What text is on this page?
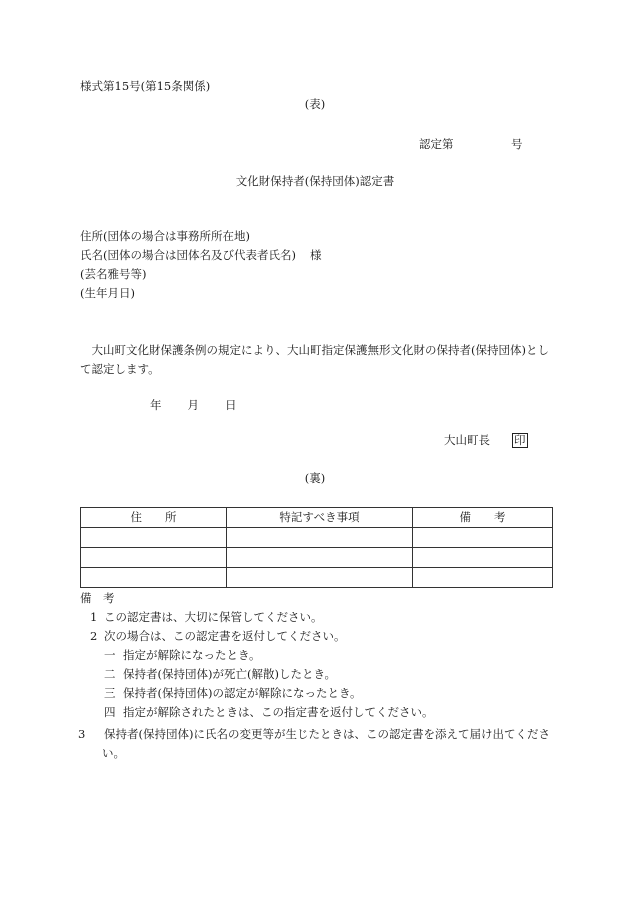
様式第15号(第15条関係)
(表)
認定第	号
文化財保持者(保持団体)認定書
住所(団体の場合は事務所所在地)
氏名(団体の場合は団体名及び代表者氏名) 様
(芸名雅号等)
(生年月日)
大山町文化財保護条例の規定により、大山町指定保護無形文化財の保持者(保持団体)として認定します。
年 月 日
大山町長 印
(裏)
住　　所	特記すべき事項	備　　考

備　考
1 この認定書は、大切に保管してください。
2 次の場合は、この認定書を返付してください。
一 指定が解除になったとき。
二 保持者(保持団体)が死亡(解散)したとき。
三 保持者(保持団体)の認定が解除になったとき。
四 指定が解除されたときは、この指定書を返付してください。
3 保持者(保持団体)に氏名の変更等が生じたときは、この認定書を添えて届け出てください。
